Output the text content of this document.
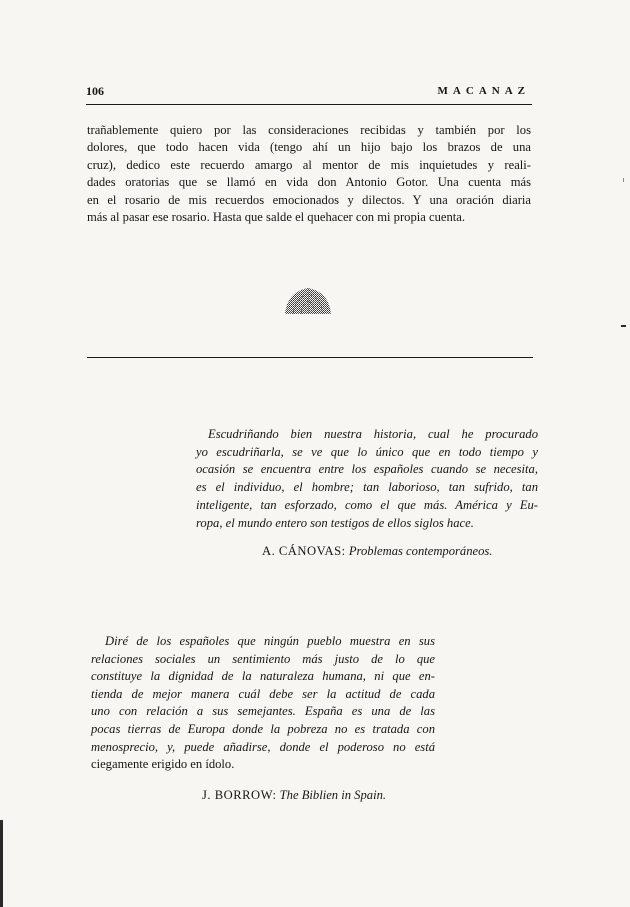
106	MACANAZ

trañablemente quiero por las consideraciones recibidas y también por los
dolores, que todo hacen vida (tengo ahí un hijo bajo los brazos de una
cruz), dedico este recuerdo amargo al mentor de mis inquietudes y reali-
dades oratorias que se llamó en vida don Antonio Gotor. Una cuenta más
en el rosario de mis recuerdos emocionados y dilectos. Y una oración diaria
más al pasar ese rosario. Hasta que salde el quehacer con mi propia cuenta.

Escudriñando bien nuestra historia, cual he procurado
yo escudriñarla, se ve que lo único que en todo tiempo y
ocasión se encuentra entre los españoles cuando se necesita,
es el individuo, el hombre; tan laborioso, tan sufrido, tan
inteligente, tan esforzado, como el que más. América y Eu-
ropa, el mundo entero son testigos de ellos siglos hace.
A. CÁNOVAS: Problemas contemporáneos.
Diré de los españoles que ningún pueblo muestra en sus
relaciones sociales un sentimiento más justo de lo que
constituye la dignidad de la naturaleza humana, ni que en-
tienda de mejor manera cuál debe ser la actitud de cada
uno con relación a sus semejantes. España es una de las
pocas tierras de Europa donde la pobreza no es tratada con
menosprecio, y, puede añadirse, donde el poderoso no está
ciegamente erigido en ídolo.
J. BORROW: The Biblien in Spain.
